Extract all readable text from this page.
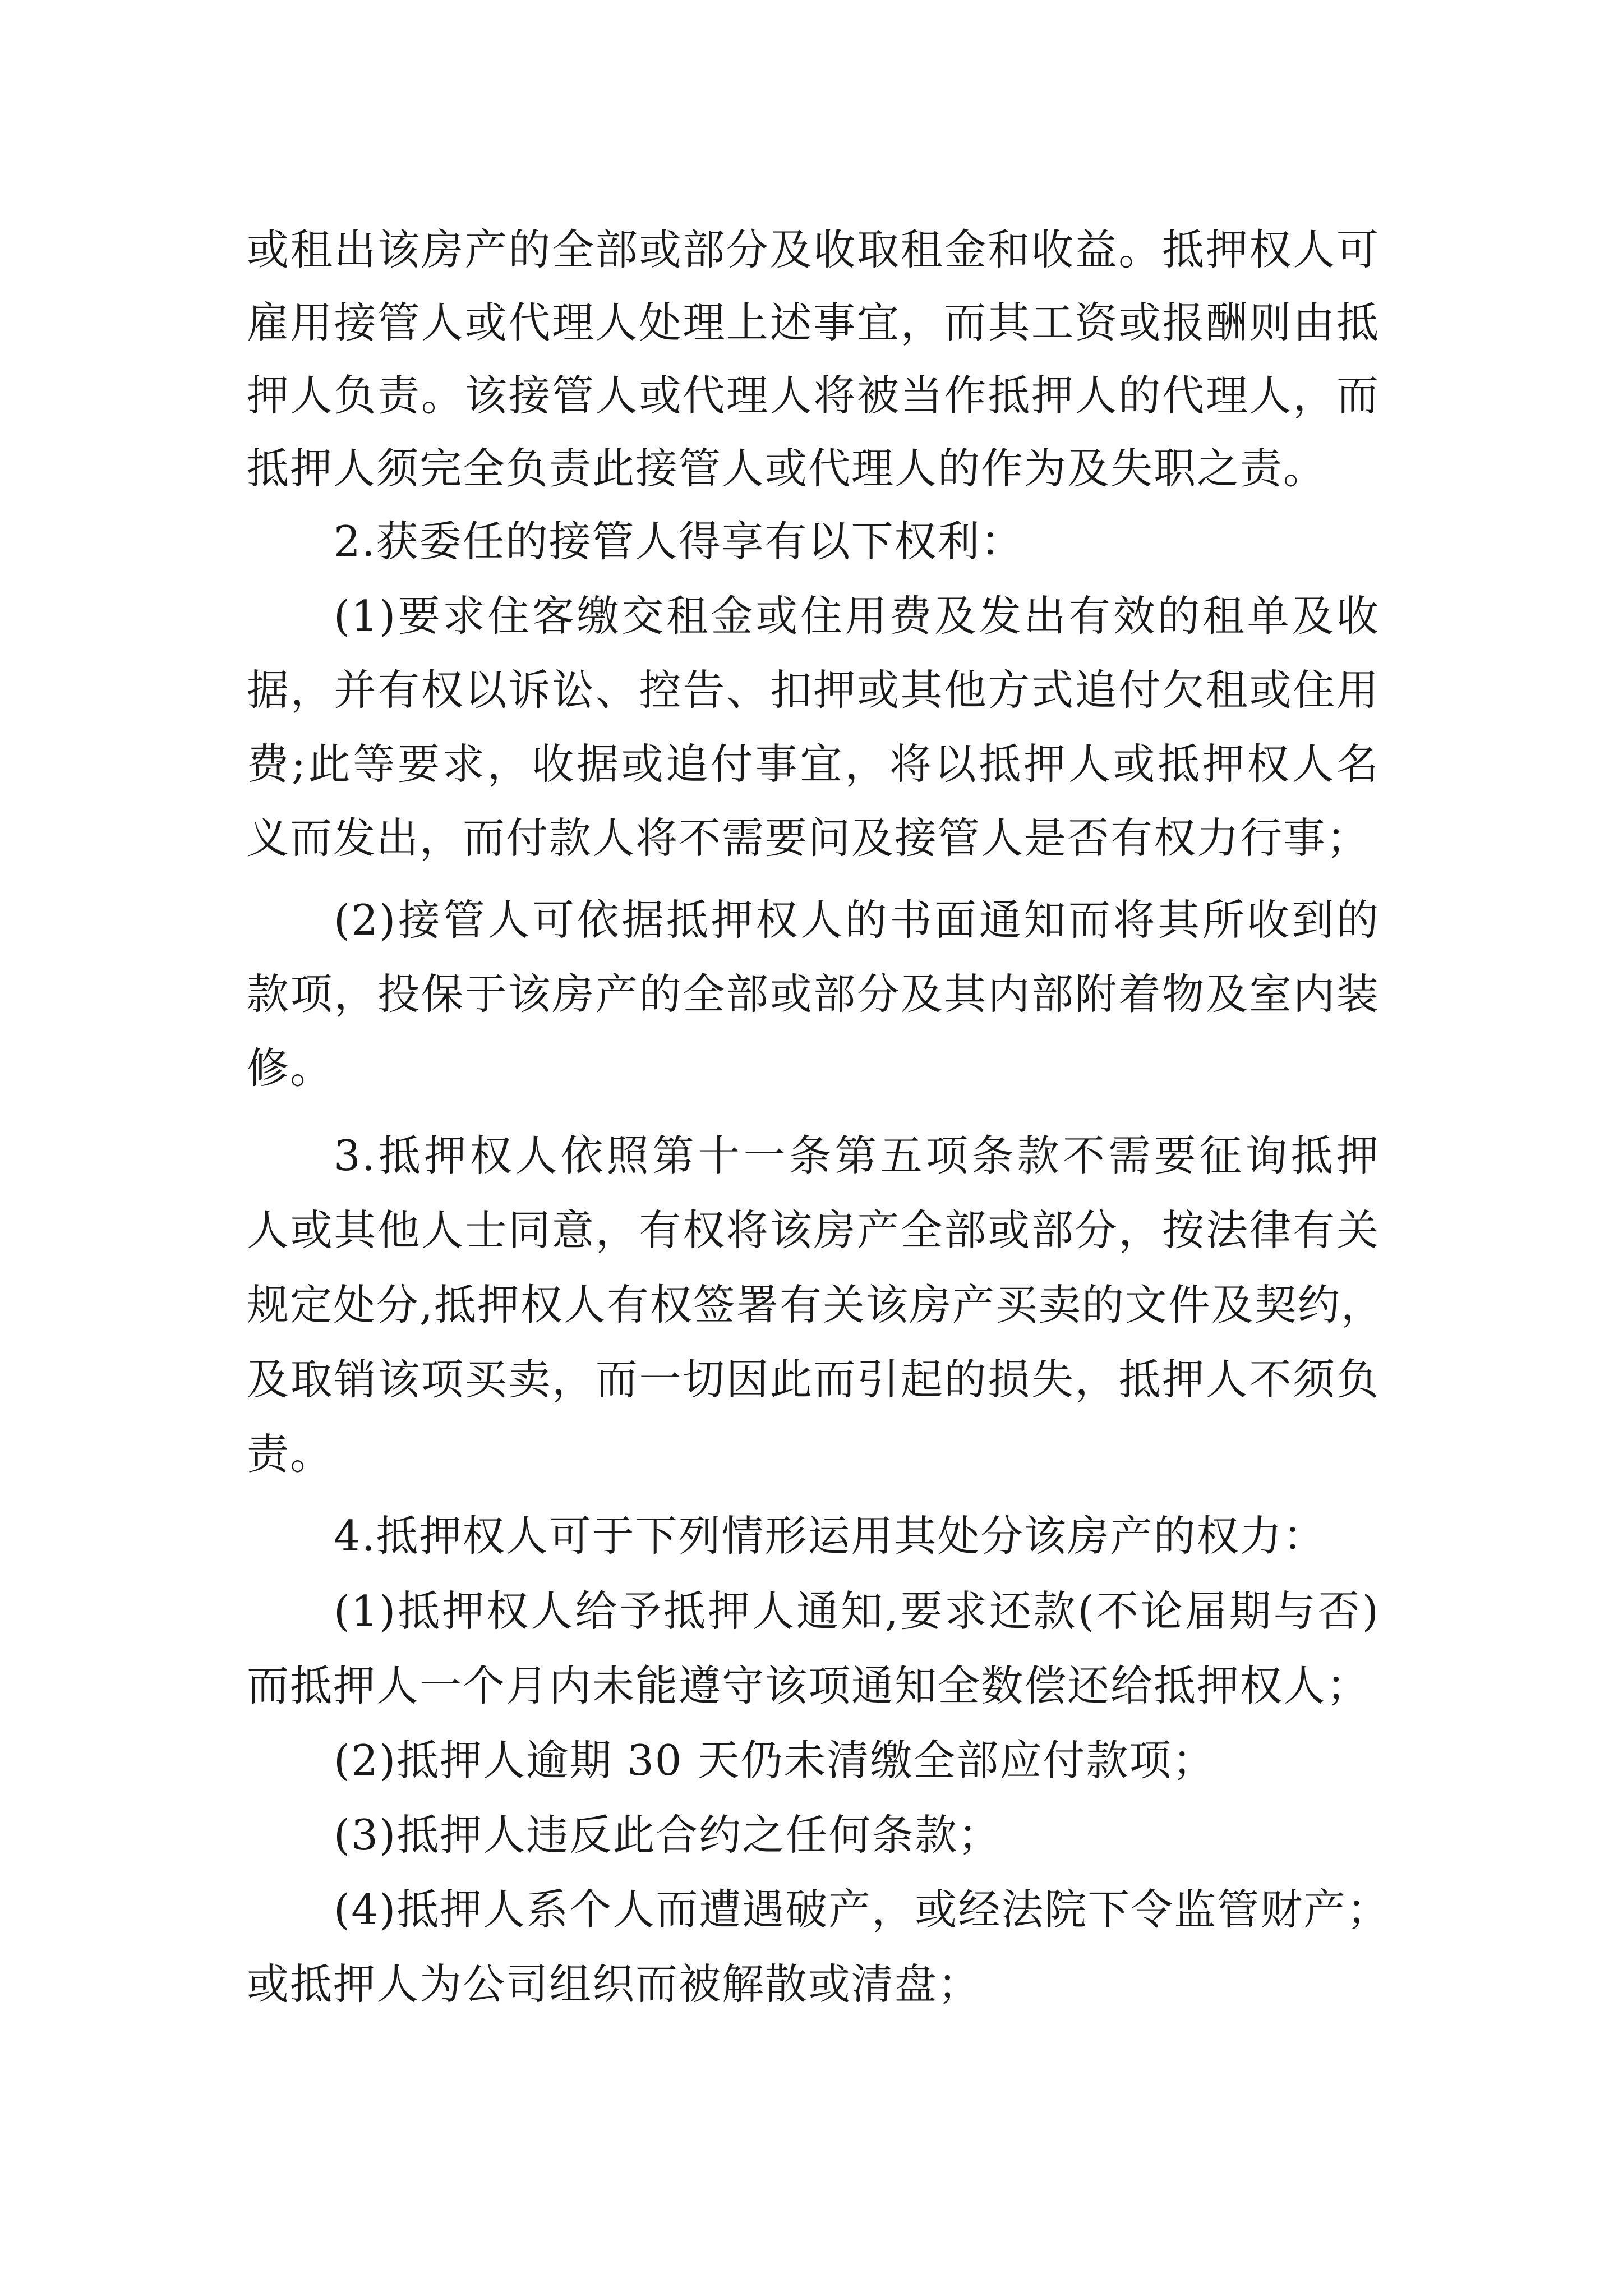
或租出该房产的全部或部分及收取租金和收益。抵押权人可
雇用接管人或代理人处理上述事宜，而其工资或报酬则由抵
押人负责。该接管人或代理人将被当作抵押人的代理人，而
抵押人须完全负责此接管人或代理人的作为及失职之责。
2.获委任的接管人得享有以下权利：
(1)要求住客缴交租金或住用费及发出有效的租单及收
据，并有权以诉讼、控告、扣押或其他方式追付欠租或住用
费;此等要求，收据或追付事宜，将以抵押人或抵押权人名
义而发出，而付款人将不需要问及接管人是否有权力行事；
(2)接管人可依据抵押权人的书面通知而将其所收到的
款项，投保于该房产的全部或部分及其内部附着物及室内装
修。
3.抵押权人依照第十一条第五项条款不需要征询抵押
人或其他人士同意，有权将该房产全部或部分，按法律有关
规定处分,抵押权人有权签署有关该房产买卖的文件及契约，
及取销该项买卖，而一切因此而引起的损失，抵押人不须负
责。
4.抵押权人可于下列情形运用其处分该房产的权力：
(1)抵押权人给予抵押人通知,要求还款(不论届期与否)
而抵押人一个月内未能遵守该项通知全数偿还给抵押权人；
(2)抵押人逾期 30 天仍未清缴全部应付款项；
(3)抵押人违反此合约之任何条款；
(4)抵押人系个人而遭遇破产，或经法院下令监管财产；
或抵押人为公司组织而被解散或清盘；
